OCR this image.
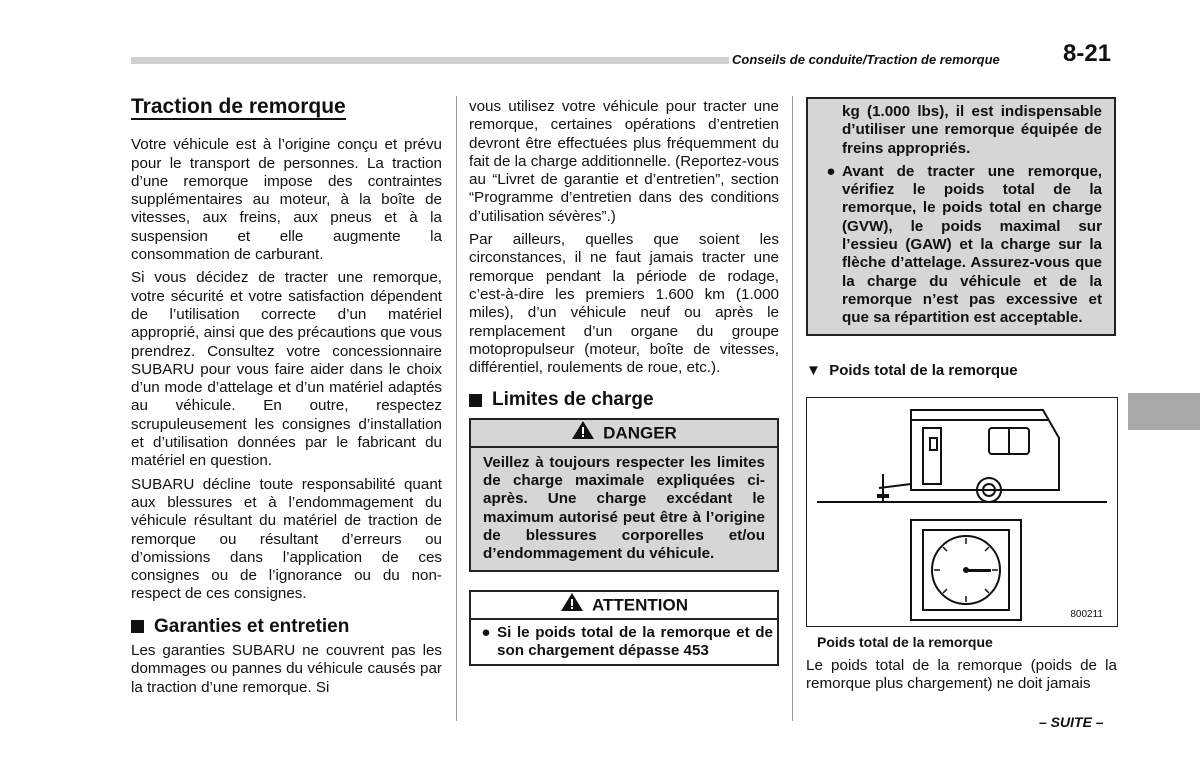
Conseils de conduite/Traction de remorque	8-21
Traction de remorque

Votre véhicule est à l’origine conçu et prévu pour le transport de personnes. La traction d’une remorque impose des contraintes supplémentaires au moteur, à la boîte de vitesses, aux freins, aux pneus et à la suspension et elle augmente la consommation de carburant.

Si vous décidez de tracter une remorque, votre sécurité et votre satisfaction dépendent de l’utilisation correcte d’un matériel approprié, ainsi que des précautions que vous prendrez. Consultez votre concessionnaire SUBARU pour vous faire aider dans le choix d’un mode d’attelage et d’un matériel adaptés au véhicule. En outre, respectez scrupuleusement les consignes d’installation et d’utilisation données par le fabricant du matériel en question.

SUBARU décline toute responsabilité quant aux blessures et à l’endommagement du véhicule résultant du matériel de traction de remorque ou résultant d’erreurs ou d’omissions dans l’application de ces consignes ou de l’ignorance ou du non-respect de ces consignes.

Garanties et entretien

Les garanties SUBARU ne couvrent pas les dommages ou pannes du véhicule causés par la traction d’une remorque. Si

vous utilisez votre véhicule pour tracter une remorque, certaines opérations d’entretien devront être effectuées plus fréquemment du fait de la charge additionnelle. (Reportez-vous au “Livret de garantie et d’entretien”, section “Programme d’entretien dans des conditions d’utilisation sévères”.)

Par ailleurs, quelles que soient les circonstances, il ne faut jamais tracter une remorque pendant la période de rodage, c’est-à-dire les premiers 1.600 km (1.000 miles), d’un véhicule neuf ou après le remplacement d’un organe du groupe motopropulseur (moteur, boîte de vitesses, différentiel, roulements de roue, etc.).

Limites de charge
DANGER
Veillez à toujours respecter les limites de charge maximale expliquées ci-après. Une charge excédant le maximum autorisé peut être à l’origine de blessures corporelles et/ou d’endommagement du véhicule.
ATTENTION
● Si le poids total de la remorque et de son chargement dépasse 453
kg (1.000 lbs), il est indispensable d’utiliser une remorque équipée de freins appropriés.
● Avant de tracter une remorque, vérifiez le poids total de la remorque, le poids total en charge (GVW), le poids maximal sur l’essieu (GAW) et la charge sur la flèche d’attelage. Assurez-vous que la charge du véhicule et de la remorque n’est pas excessive et que sa répartition est acceptable.

▼ Poids total de la remorque

800211
Poids total de la remorque

Le poids total de la remorque (poids de la remorque plus chargement) ne doit jamais

– SUITE –
